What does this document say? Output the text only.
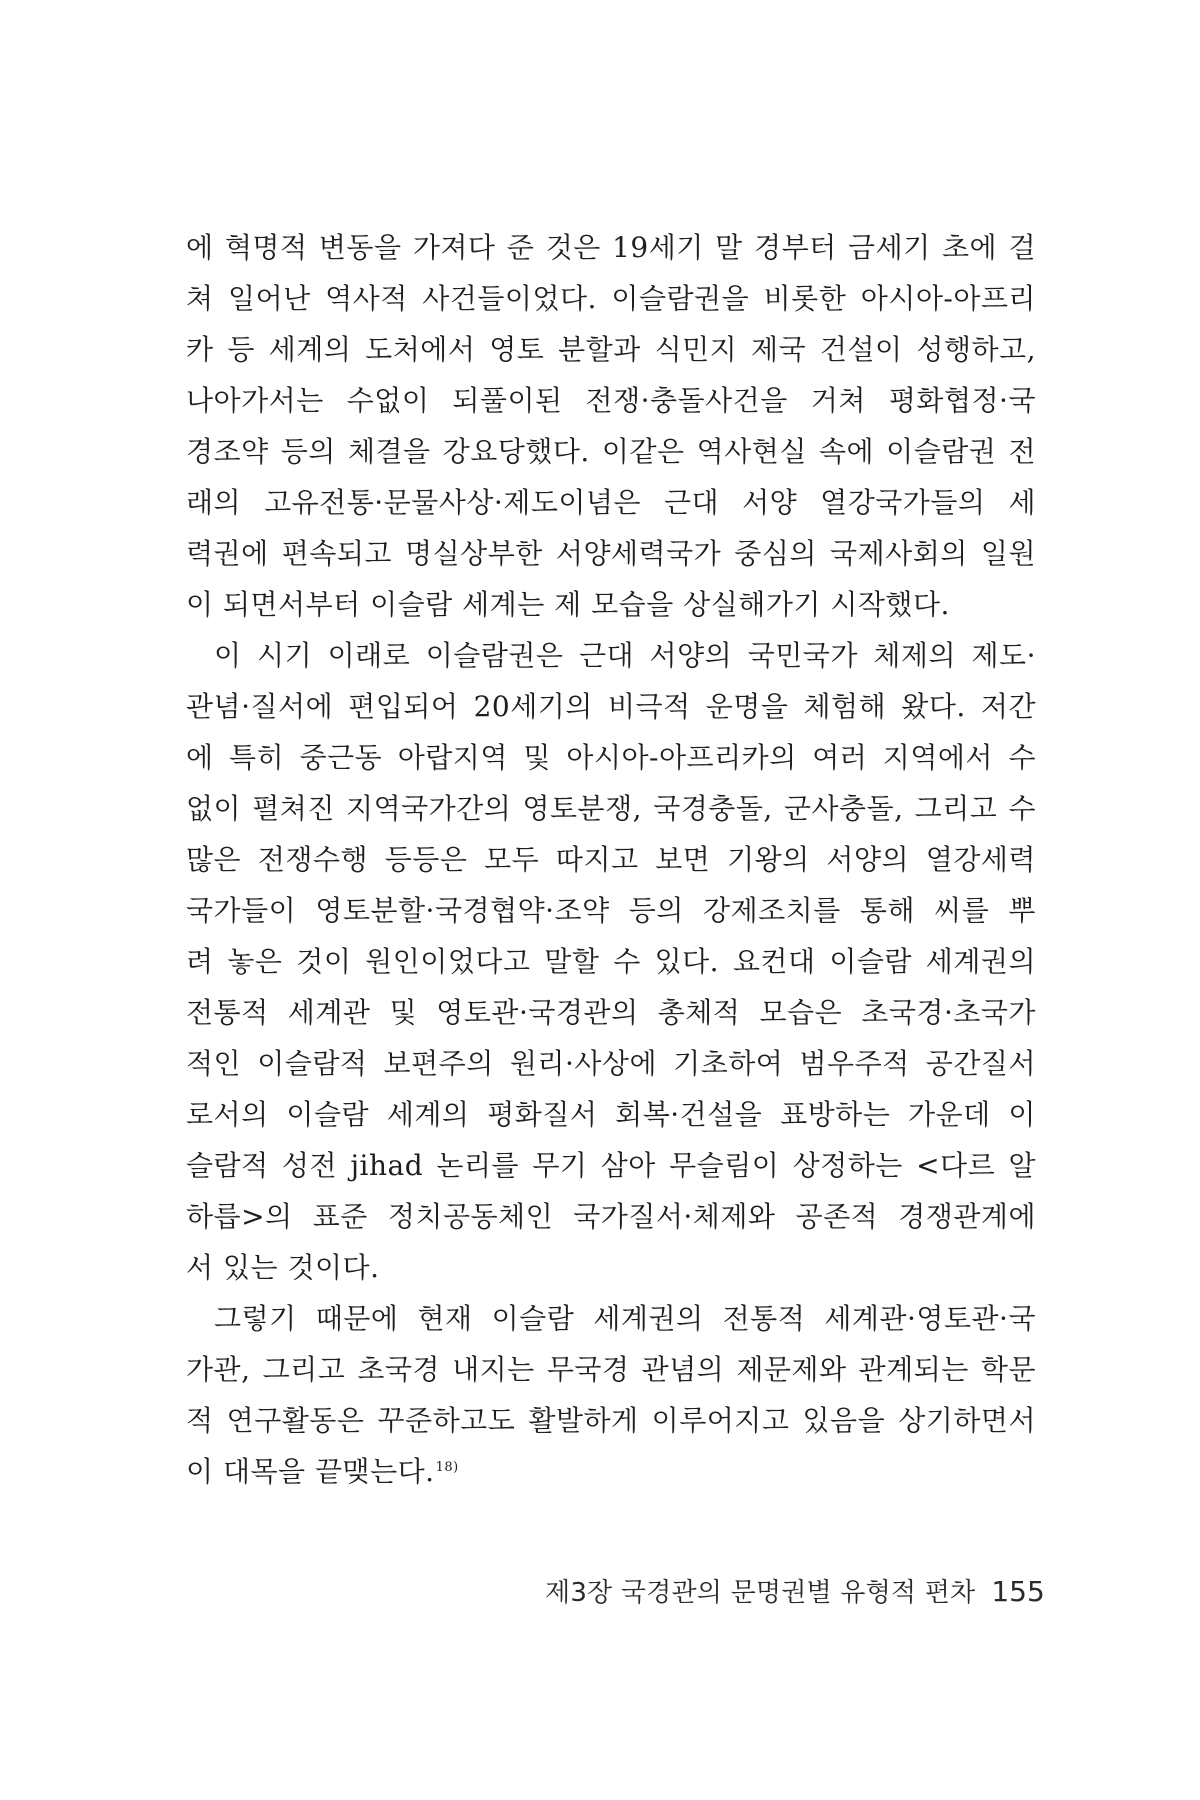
에 혁명적 변동을 가져다 준 것은 19세기 말 경부터 금세기 초에 걸
쳐 일어난 역사적 사건들이었다. 이슬람권을 비롯한 아시아-아프리
카 등 세계의 도처에서 영토 분할과 식민지 제국 건설이 성행하고,
나아가서는 수없이 되풀이된 전쟁·충돌사건을 거쳐 평화협정·국
경조약 등의 체결을 강요당했다. 이같은 역사현실 속에 이슬람권 전
래의 고유전통·문물사상·제도이념은 근대 서양 열강국가들의 세
력권에 편속되고 명실상부한 서양세력국가 중심의 국제사회의 일원
이 되면서부터 이슬람 세계는 제 모습을 상실해가기 시작했다.
이 시기 이래로 이슬람권은 근대 서양의 국민국가 체제의 제도·
관념·질서에 편입되어 20세기의 비극적 운명을 체험해 왔다. 저간
에 특히 중근동 아랍지역 및 아시아-아프리카의 여러 지역에서 수
없이 펼쳐진 지역국가간의 영토분쟁, 국경충돌, 군사충돌, 그리고 수
많은 전쟁수행 등등은 모두 따지고 보면 기왕의 서양의 열강세력
국가들이 영토분할·국경협약·조약 등의 강제조치를 통해 씨를 뿌
려 놓은 것이 원인이었다고 말할 수 있다. 요컨대 이슬람 세계권의
전통적 세계관 및 영토관·국경관의 총체적 모습은 초국경·초국가
적인 이슬람적 보편주의 원리·사상에 기초하여 범우주적 공간질서
로서의 이슬람 세계의 평화질서 회복·건설을 표방하는 가운데 이
슬람적 성전 jihad 논리를 무기 삼아 무슬림이 상정하는 <다르 알
하릅>의 표준 정치공동체인 국가질서·체제와 공존적 경쟁관계에
서 있는 것이다.
그렇기 때문에 현재 이슬람 세계권의 전통적 세계관·영토관·국
가관, 그리고 초국경 내지는 무국경 관념의 제문제와 관계되는 학문
적 연구활동은 꾸준하고도 활발하게 이루어지고 있음을 상기하면서
이 대목을 끝맺는다.$^{18)}$
제3장 국경관의 문명권별 유형적 편차 155
